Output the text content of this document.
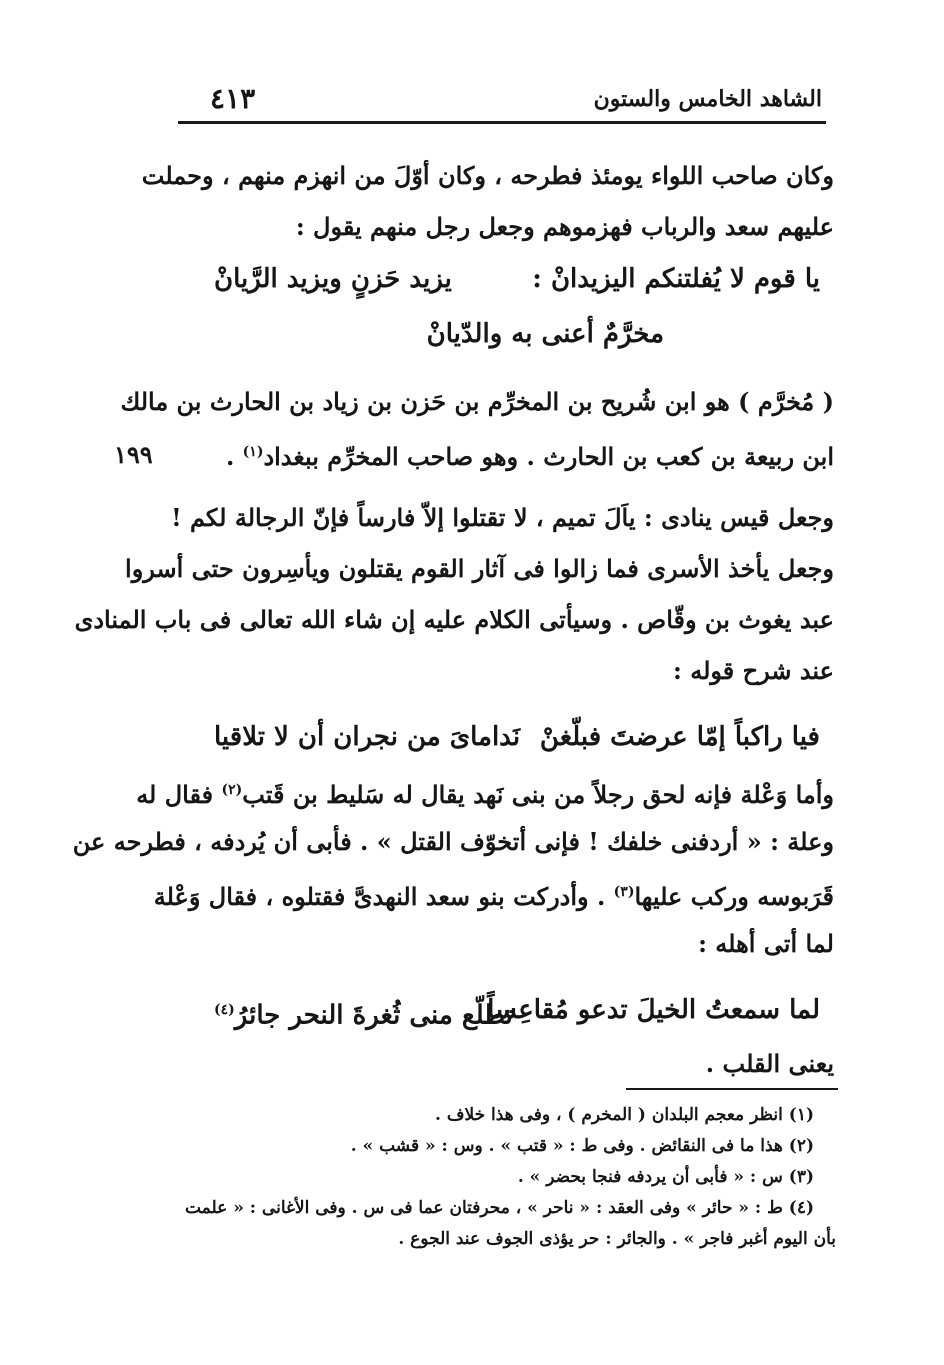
الشاهد الخامس والستون
٤١٣
١٩٩
وكان صاحب اللواء يومئذ فطرحه ، وكان أوّلَ من انهزم منهم ، وحملت
عليهم سعد والرباب فهزموهم وجعل رجل منهم يقول :
يا قوم لا يُفلتنكم اليزيدانْ :
يزيد حَزنٍ ويزيد الرَّيانْ
مخرَّمٌ أعنى به والدّيانْ
( مُخرَّم ) هو ابن شُريح بن المخرِّم بن حَزن بن زياد بن الحارث بن مالك
ابن ربيعة بن كعب بن الحارث . وهو صاحب المخرِّم ببغداد$^{(١)}$ .
وجعل قيس ينادى : ياَلَ تميم ، لا تقتلوا إلاّ فارساً فإنّ الرجالة لكم !
وجعل يأخذ الأسرى فما زالوا فى آثار القوم يقتلون ويأسِرون حتى أسروا
عبد يغوث بن وقّاص . وسيأتى الكلام عليه إن شاء الله تعالى فى باب المنادى
عند شرح قوله :
فيا راكباً إمّا عرضتَ فبلّغنْ
نَداماىَ من نجران أن لا تلاقيا
وأما وَعْلة فإنه لحق رجلاً من بنى نَهد يقال له سَليط بن قَتب$^{(٢)}$ فقال له
وعلة : « أردفنى خلفك ! فإنى أتخوّف القتل » . فأبى أن يُردفه ، فطرحه عن
قَرَبوسه وركب عليها$^{(٣)}$ . وأدركت بنو سعد النهدىَّ فقتلوه ، فقال وَعْلة
لما أتى أهله :
لما سمعتُ الخيلَ تدعو مُقاعِساً
تطلّع منى ثُغرةَ النحر جائرُ$^{(٤)}$
يعنى القلب .
(١) انظر معجم البلدان ( المخرم ) ، وفى هذا خلاف .
(٢) هذا ما فى النقائض . وفى ط : « قتب » . وس : « قشب » .
(٣) س : « فأبى أن يردفه فنجا بحضر » .
(٤) ط : « حائر » وفى العقد : « ناحر » ، محرفتان عما فى س . وفى الأغانى : « علمت
بأن اليوم أغبر فاجر » . والجائر : حر يؤذى الجوف عند الجوع .
